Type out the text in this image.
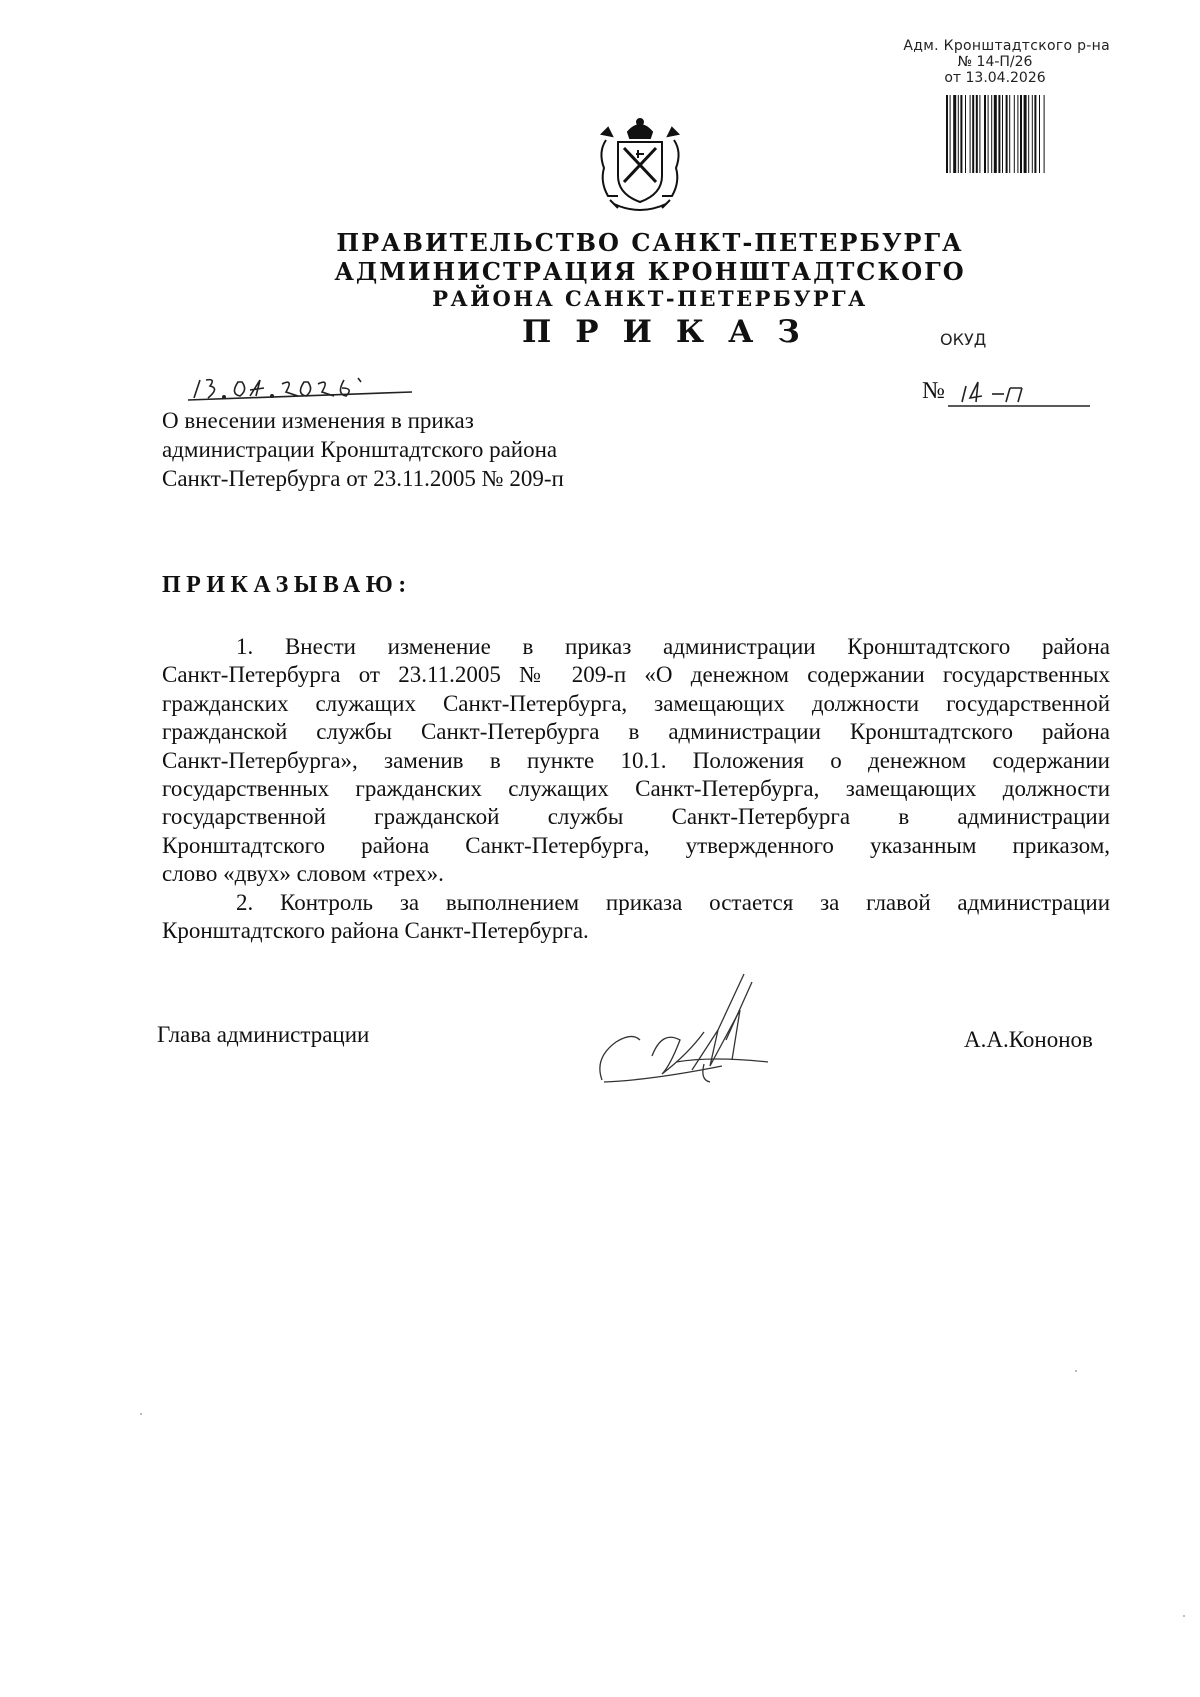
Адм. Кронштадтского р-на
№ 14-П/26
от 13.04.2026
ПРАВИТЕЛЬСТВО САНКТ-ПЕТЕРБУРГА
АДМИНИСТРАЦИЯ КРОНШТАДТСКОГО
РАЙОНА САНКТ-ПЕТЕРБУРГА
ПРИКАЗ	ОКУД
№
О внесении изменения в приказ
администрации Кронштадтского района
Санкт-Петербурга от 23.11.2005 № 209-п
ПРИКАЗЫВАЮ:
1. Внести изменение в приказ администрации Кронштадтского района
Санкт-Петербурга от 23.11.2005 № 209-п «О денежном содержании государственных
гражданских служащих Санкт-Петербурга, замещающих должности государственной
гражданской службы Санкт-Петербурга в администрации Кронштадтского района
Санкт-Петербурга», заменив в пункте 10.1. Положения о денежном содержании
государственных гражданских служащих Санкт-Петербурга, замещающих должности
государственной гражданской службы Санкт-Петербурга в администрации
Кронштадтского района Санкт-Петербурга, утвержденного указанным приказом,
слово «двух» словом «трех».
2. Контроль за выполнением приказа остается за главой администрации
Кронштадтского района Санкт-Петербурга.
Глава администрации	А.А.Кононов
